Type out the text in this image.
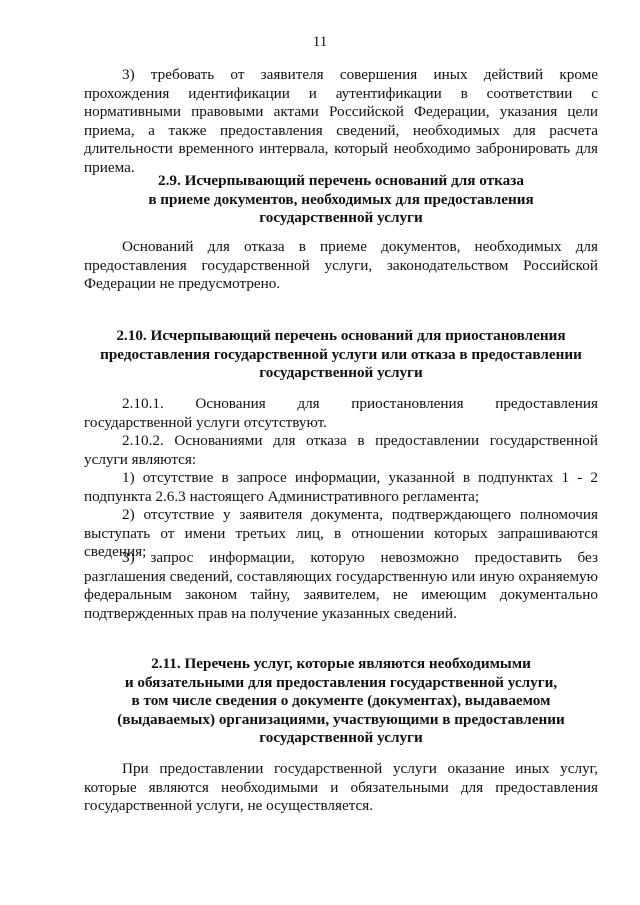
11

3) требовать от заявителя совершения иных действий кроме прохождения идентификации и аутентификации в соответствии с нормативными правовыми актами Российской Федерации, указания цели приема, а также предоставления сведений, необходимых для расчета длительности временного интервала, который необходимо забронировать для приема.

2.9. Исчерпывающий перечень оснований для отказа
в приеме документов, необходимых для предоставления
государственной услуги

Оснований для отказа в приеме документов, необходимых для предоставления государственной услуги, законодательством Российской Федерации не предусмотрено.

2.10. Исчерпывающий перечень оснований для приостановления
предоставления государственной услуги или отказа в предоставлении
государственной услуги

2.10.1. Основания для приостановления предоставления государственной услуги отсутствуют.

2.10.2. Основаниями для отказа в предоставлении государственной услуги являются:

1) отсутствие в запросе информации, указанной в подпунктах 1 - 2 подпункта 2.6.3 настоящего Административного регламента;

2) отсутствие у заявителя документа, подтверждающего полномочия выступать от имени третьих лиц, в отношении которых запрашиваются сведения;

3) запрос информации, которую невозможно предоставить без разглашения сведений, составляющих государственную или иную охраняемую федеральным законом тайну, заявителем, не имеющим документально подтвержденных прав на получение указанных сведений.

2.11. Перечень услуг, которые являются необходимыми
и обязательными для предоставления государственной услуги,
в том числе сведения о документе (документах), выдаваемом
(выдаваемых) организациями, участвующими в предоставлении
государственной услуги

При предоставлении государственной услуги оказание иных услуг, которые являются необходимыми и обязательными для предоставления государственной услуги, не осуществляется.
